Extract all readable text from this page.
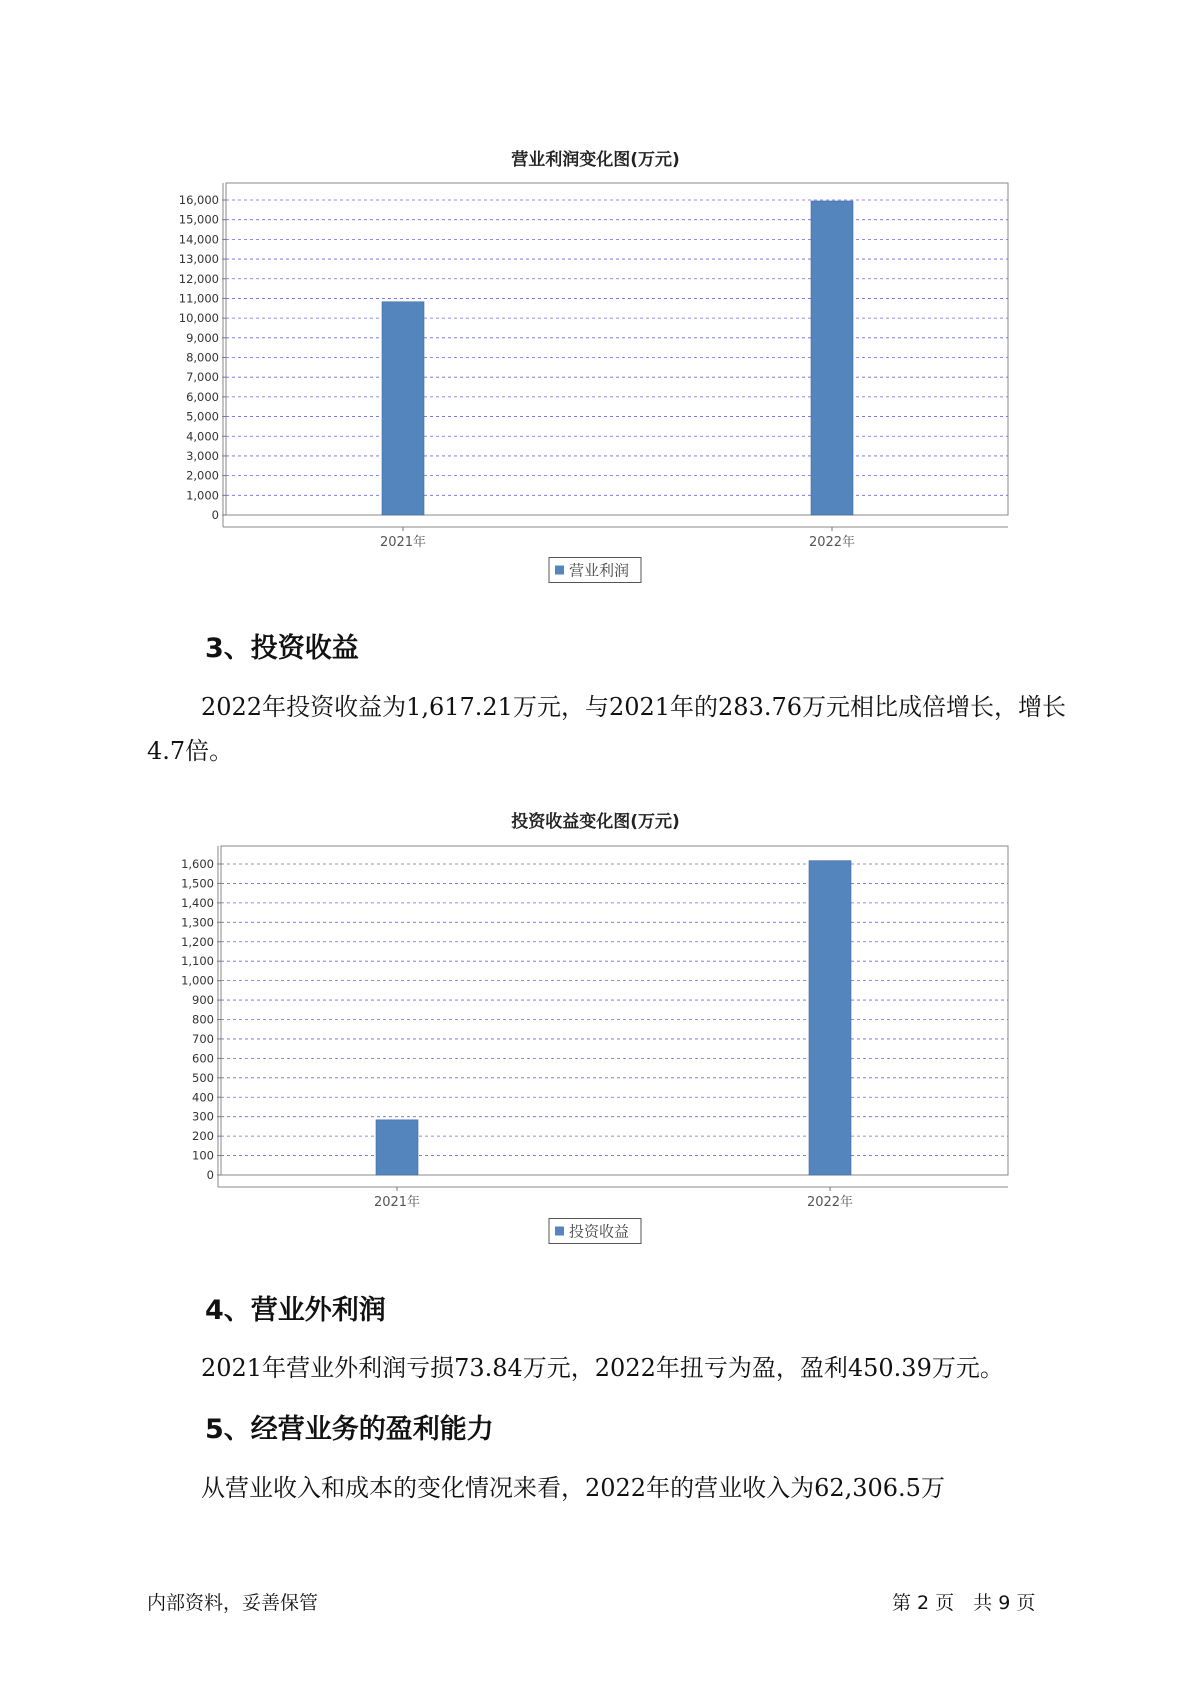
营业利润变化图(万元)
0
1,000
2,000
3,000
4,000
5,000
6,000
7,000
8,000
9,000
10,000
11,000
12,000
13,000
14,000
15,000
16,000
2021年	2022年
营业利润
3、投资收益

2022年投资收益为1,617.21万元，与2021年的283.76万元相比成倍增长，增长4.7倍。

投资收益变化图(万元)
0
100
200
300
400
500
600
700
800
900
1,000
1,100
1,200
1,300
1,400
1,500
1,600
2021年	2022年
投资收益
4、营业外利润

2021年营业外利润亏损73.84万元，2022年扭亏为盈，盈利450.39万元。

5、经营业务的盈利能力

从营业收入和成本的变化情况来看，2022年的营业收入为62,306.5万

内部资料，妥善保管	第 2 页　共 9 页
